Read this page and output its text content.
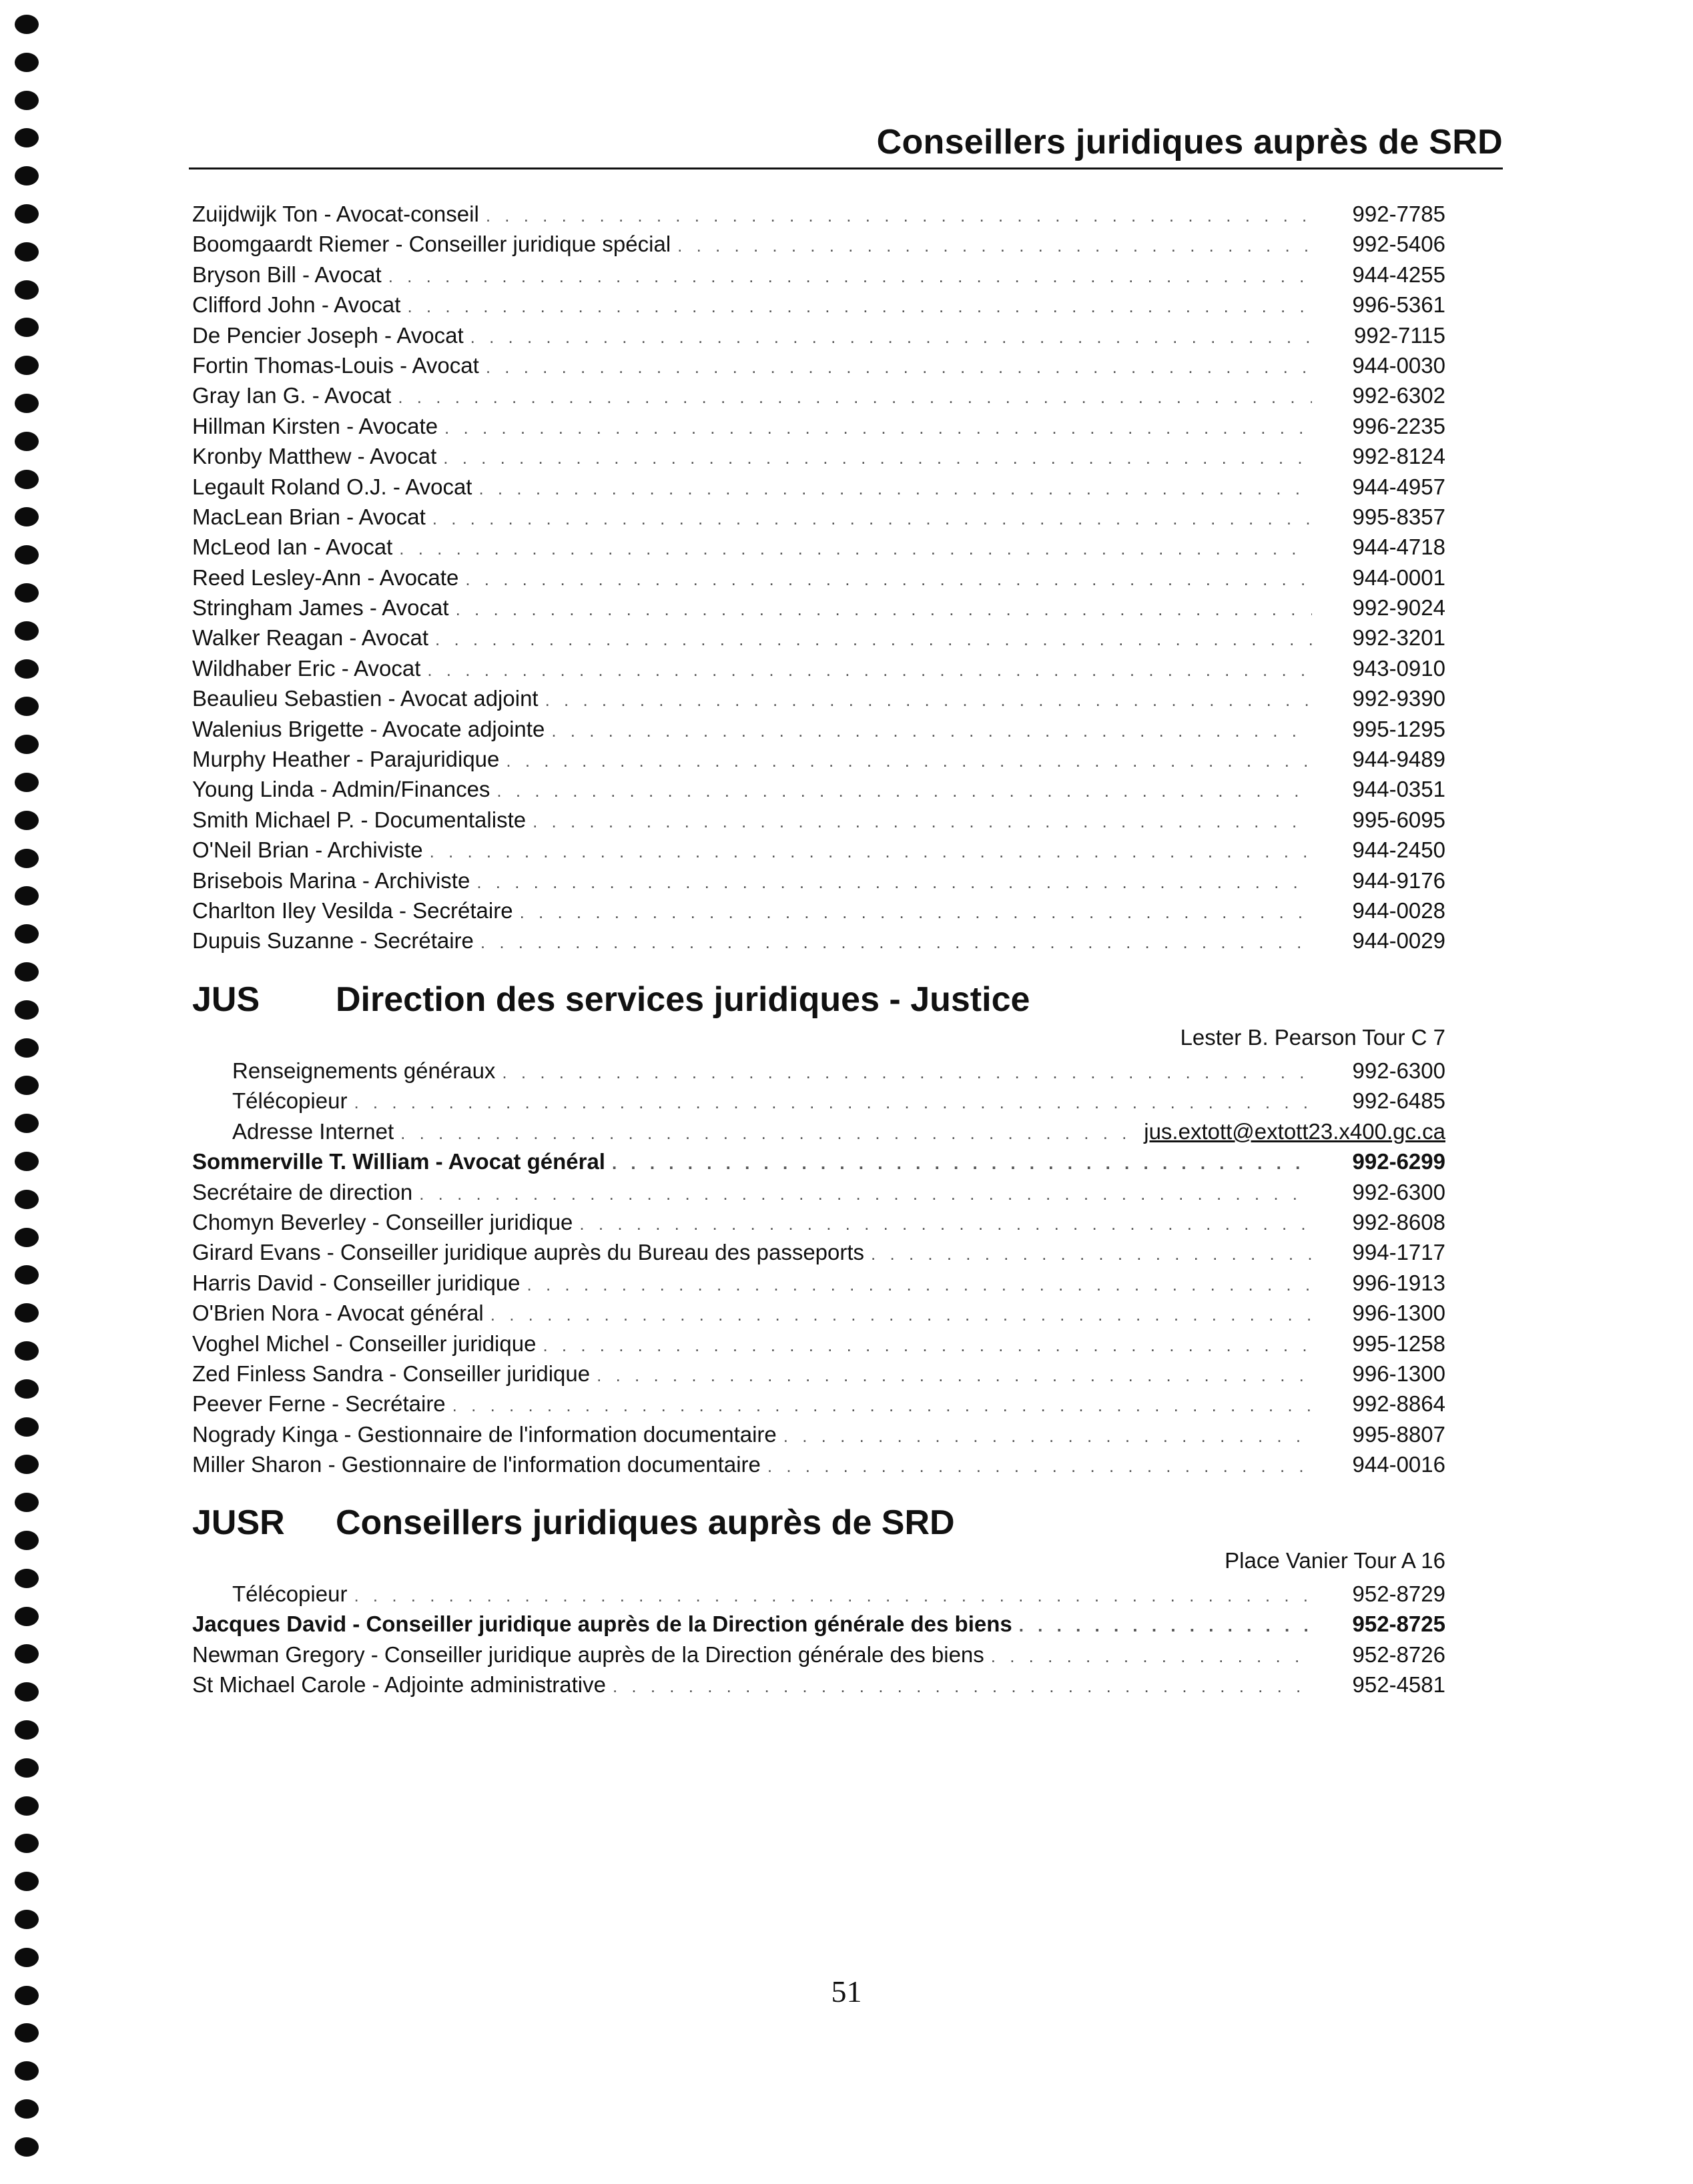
Conseillers juridiques auprès de SRD
Zuijdwijk Ton - Avocat-conseil . . .	992-7785
Boomgaardt Riemer - Conseiller juridique spécial . . .	992-5406
Bryson Bill - Avocat . . .	944-4255
Clifford John - Avocat . . .	996-5361
De Pencier Joseph - Avocat . . .	992-7115
Fortin Thomas-Louis - Avocat . . .	944-0030
Gray Ian G. - Avocat . . .	992-6302
Hillman Kirsten - Avocate . . .	996-2235
Kronby Matthew - Avocat . . .	992-8124
Legault Roland O.J. - Avocat . . .	944-4957
MacLean Brian - Avocat . . .	995-8357
McLeod Ian - Avocat . . .	944-4718
Reed Lesley-Ann - Avocate . . .	944-0001
Stringham James - Avocat . . .	992-9024
Walker Reagan - Avocat . . .	992-3201
Wildhaber Eric - Avocat . . .	943-0910
Beaulieu Sebastien - Avocat adjoint . . .	992-9390
Walenius Brigette - Avocate adjointe . . .	995-1295
Murphy Heather - Parajuridique . . .	944-9489
Young Linda - Admin/Finances . . .	944-0351
Smith Michael P. - Documentaliste . . .	995-6095
O'Neil Brian - Archiviste . . .	944-2450
Brisebois Marina - Archiviste . . .	944-9176
Charlton Iley Vesilda - Secrétaire . . .	944-0028
Dupuis Suzanne - Secrétaire . . .	944-0029
JUS	Direction des services juridiques - Justice
Lester B. Pearson Tour C 7
Renseignements généraux . . .	992-6300
Télécopieur . . .	992-6485
Adresse Internet . . .	jus.extott@extott23.x400.gc.ca
Sommerville T. William - Avocat général . . .	992-6299
Secrétaire de direction . . .	992-6300
Chomyn Beverley - Conseiller juridique . . .	992-8608
Girard Evans - Conseiller juridique auprès du Bureau des passeports . . .	994-1717
Harris David - Conseiller juridique . . .	996-1913
O'Brien Nora - Avocat général . . .	996-1300
Voghel Michel - Conseiller juridique . . .	995-1258
Zed Finless Sandra - Conseiller juridique . . .	996-1300
Peever Ferne - Secrétaire . . .	992-8864
Nogrady Kinga - Gestionnaire de l'information documentaire . . .	995-8807
Miller Sharon - Gestionnaire de l'information documentaire . . .	944-0016
JUSR	Conseillers juridiques auprès de SRD
Place Vanier Tour A 16
Télécopieur . . .	952-8729
Jacques David - Conseiller juridique auprès de la Direction générale des biens . . .	952-8725
Newman Gregory - Conseiller juridique auprès de la Direction générale des biens . . .	952-8726
St Michael Carole - Adjointe administrative . . .	952-4581
51
